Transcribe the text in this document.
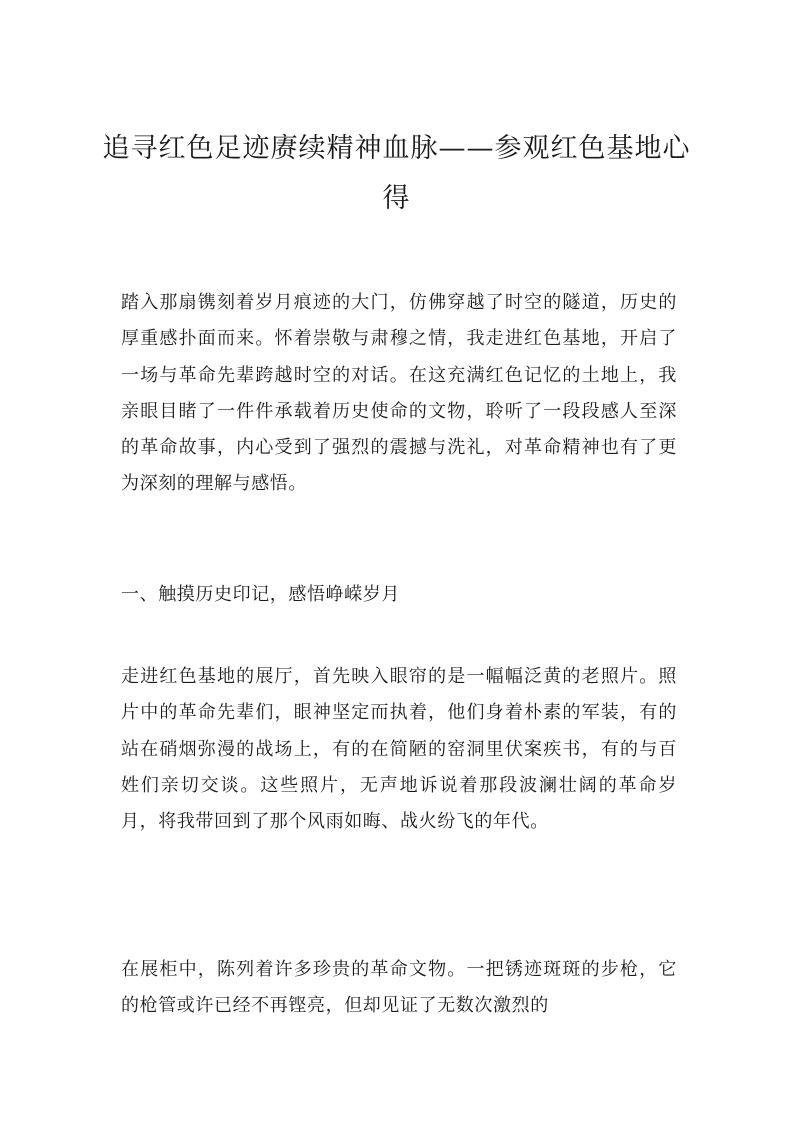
追寻红色足迹赓续精神血脉——参观红色基地心得
踏入那扇镌刻着岁月痕迹的大门，仿佛穿越了时空的隧道，历史的厚重感扑面而来。怀着崇敬与肃穆之情，我走进红色基地，开启了一场与革命先辈跨越时空的对话。在这充满红色记忆的土地上，我亲眼目睹了一件件承载着历史使命的文物，聆听了一段段感人至深的革命故事，内心受到了强烈的震撼与洗礼，对革命精神也有了更为深刻的理解与感悟。
一、触摸历史印记，感悟峥嵘岁月
走进红色基地的展厅，首先映入眼帘的是一幅幅泛黄的老照片。照片中的革命先辈们，眼神坚定而执着，他们身着朴素的军装，有的站在硝烟弥漫的战场上，有的在简陋的窑洞里伏案疾书，有的与百姓们亲切交谈。这些照片，无声地诉说着那段波澜壮阔的革命岁月，将我带回到了那个风雨如晦、战火纷飞的年代。
在展柜中，陈列着许多珍贵的革命文物。一把锈迹斑斑的步枪，它的枪管或许已经不再铿亮，但却见证了无数次激烈的
